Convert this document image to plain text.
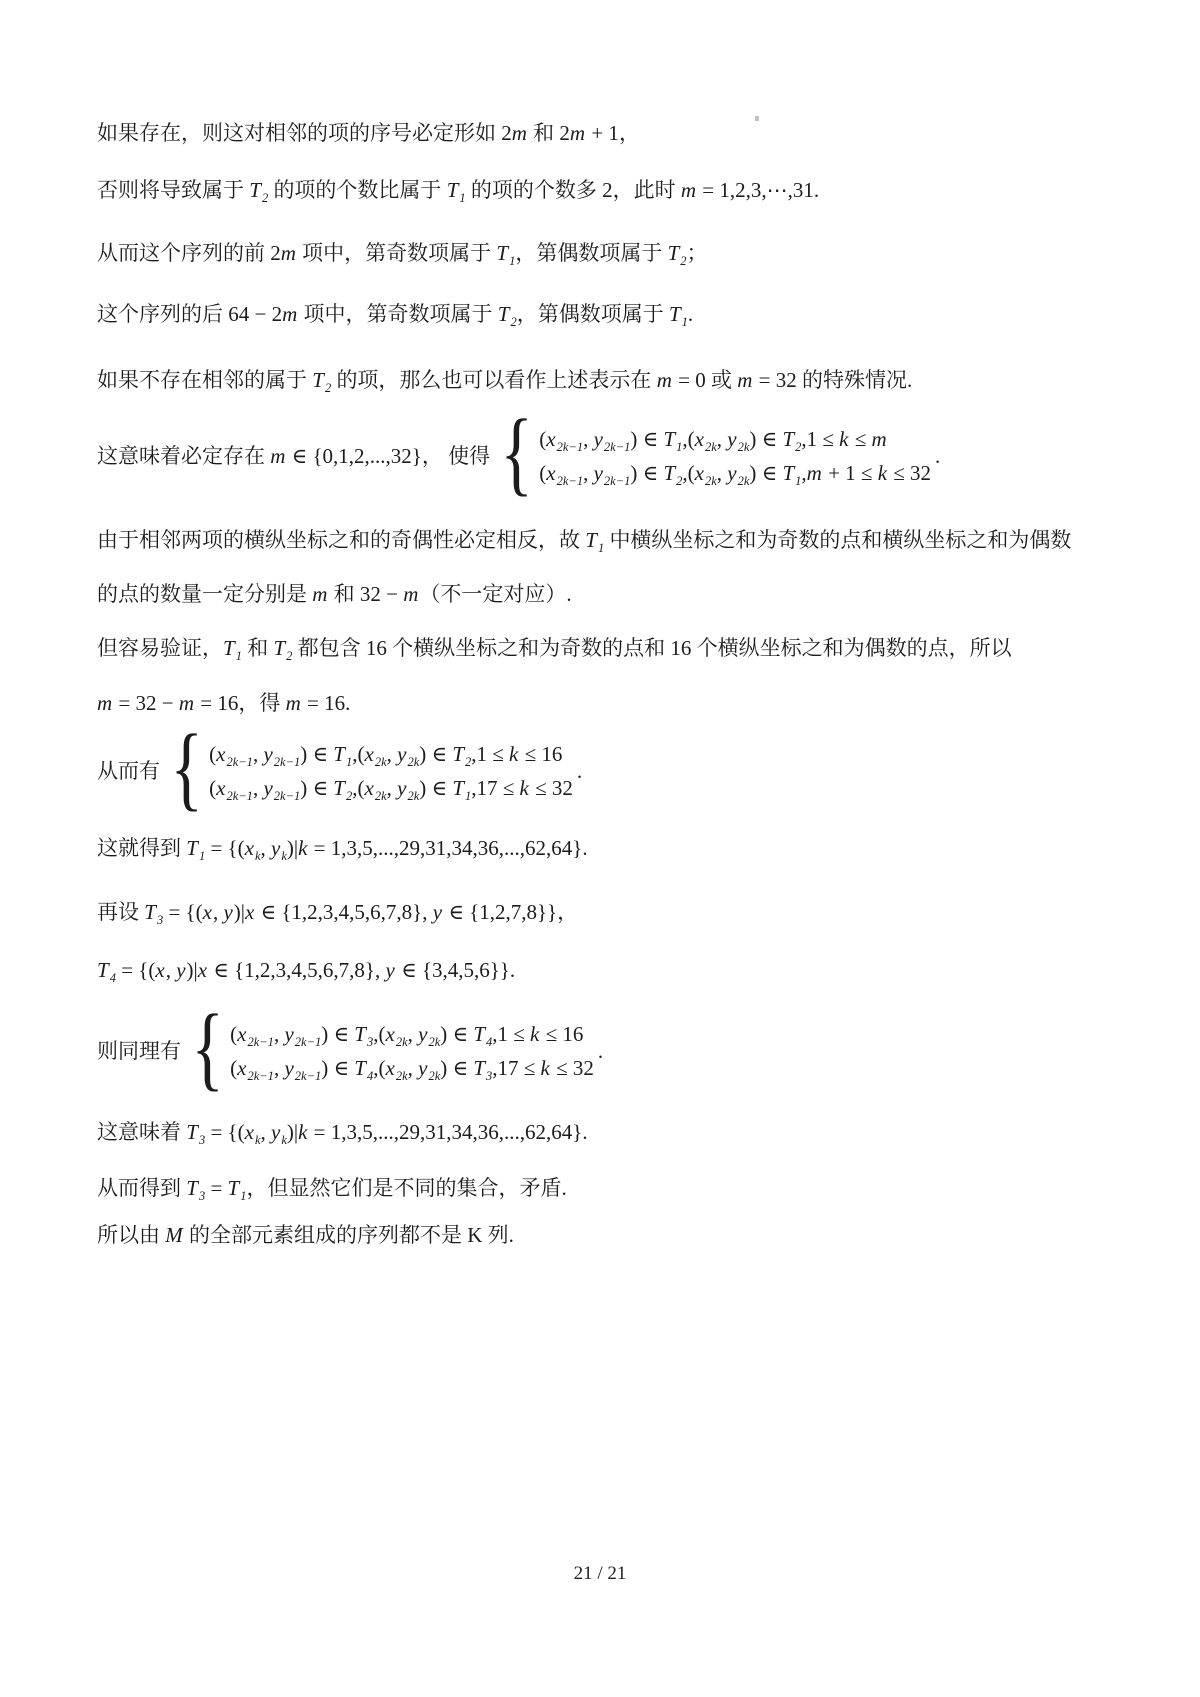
如果存在，则这对相邻的项的序号必定形如 2m 和 2m + 1，
否则将导致属于 $T_2$ 的项的个数比属于 $T_1$ 的项的个数多 2，此时 m = 1,2,3,⋯,31.
从而这个序列的前 2m 项中，第奇数项属于 $T_1$，第偶数项属于 $T_2$；
这个序列的后 64 − 2m 项中，第奇数项属于 $T_2$，第偶数项属于 $T_1$.
如果不存在相邻的属于 $T_2$ 的项，那么也可以看作上述表示在 m = 0 或 m = 32 的特殊情况.
这意味着必定存在 m ∈ {0,1,2,...,32}， 使得 { ($x_{2k-1}$, $y_{2k-1}$) ∈ $T_1,(x_{2k}$, $y_{2k}$) ∈ $T_2,1 \le k \le m$
($x_{2k-1}$, $y_{2k-1}$) ∈ $T_2,(x_{2k}$, $y_{2k}$) ∈ $T_1,m + 1 \le k \le 32$
.
由于相邻两项的横纵坐标之和的奇偶性必定相反，故 $T_1$ 中横纵坐标之和为奇数的点和横纵坐标之和为偶数
的点的数量一定分别是 m 和 32 − m（不一定对应）.
但容易验证，$T_1$ 和 $T_2$ 都包含 16 个横纵坐标之和为奇数的点和 16 个横纵坐标之和为偶数的点，所以
m = 32 − m = 16，得 m = 16.
从而有 { ($x_{2k-1}$, $y_{2k-1}$) ∈ $T_1,(x_{2k}$, $y_{2k}$) ∈ $T_2,1 \le k \le 16$
($x_{2k-1}$, $y_{2k-1}$) ∈ $T_2,(x_{2k}$, $y_{2k}$) ∈ $T_1,17 \le k \le 32$
.
这就得到 $T_1 = \{(x_k$, $y_k)|k = 1,3,5,...,29,31,34,36,...,62,64$}.
再设 $T_3 = \{(x$, y)|x ∈ {1,2,3,4,5,6,7,8}, y ∈ {1,2,7,8}}，
$T_4 = \{(x$, y)|x ∈ {1,2,3,4,5,6,7,8}, y ∈ {3,4,5,6}}.
则同理有 { ($x_{2k-1}$, $y_{2k-1}$) ∈ $T_3,(x_{2k}$, $y_{2k}$) ∈ $T_4,1 \le k \le 16$
($x_{2k-1}$, $y_{2k-1}$) ∈ $T_4,(x_{2k}$, $y_{2k}$) ∈ $T_3,17 \le k \le 32$
.
这意味着 $T_3 = \{(x_k$, $y_k)|k = 1,3,5,...,29,31,34,36,...,62,64$}.
从而得到 $T_3 = T_1$，但显然它们是不同的集合，矛盾.
所以由 M 的全部元素组成的序列都不是 K 列.
21 / 21
